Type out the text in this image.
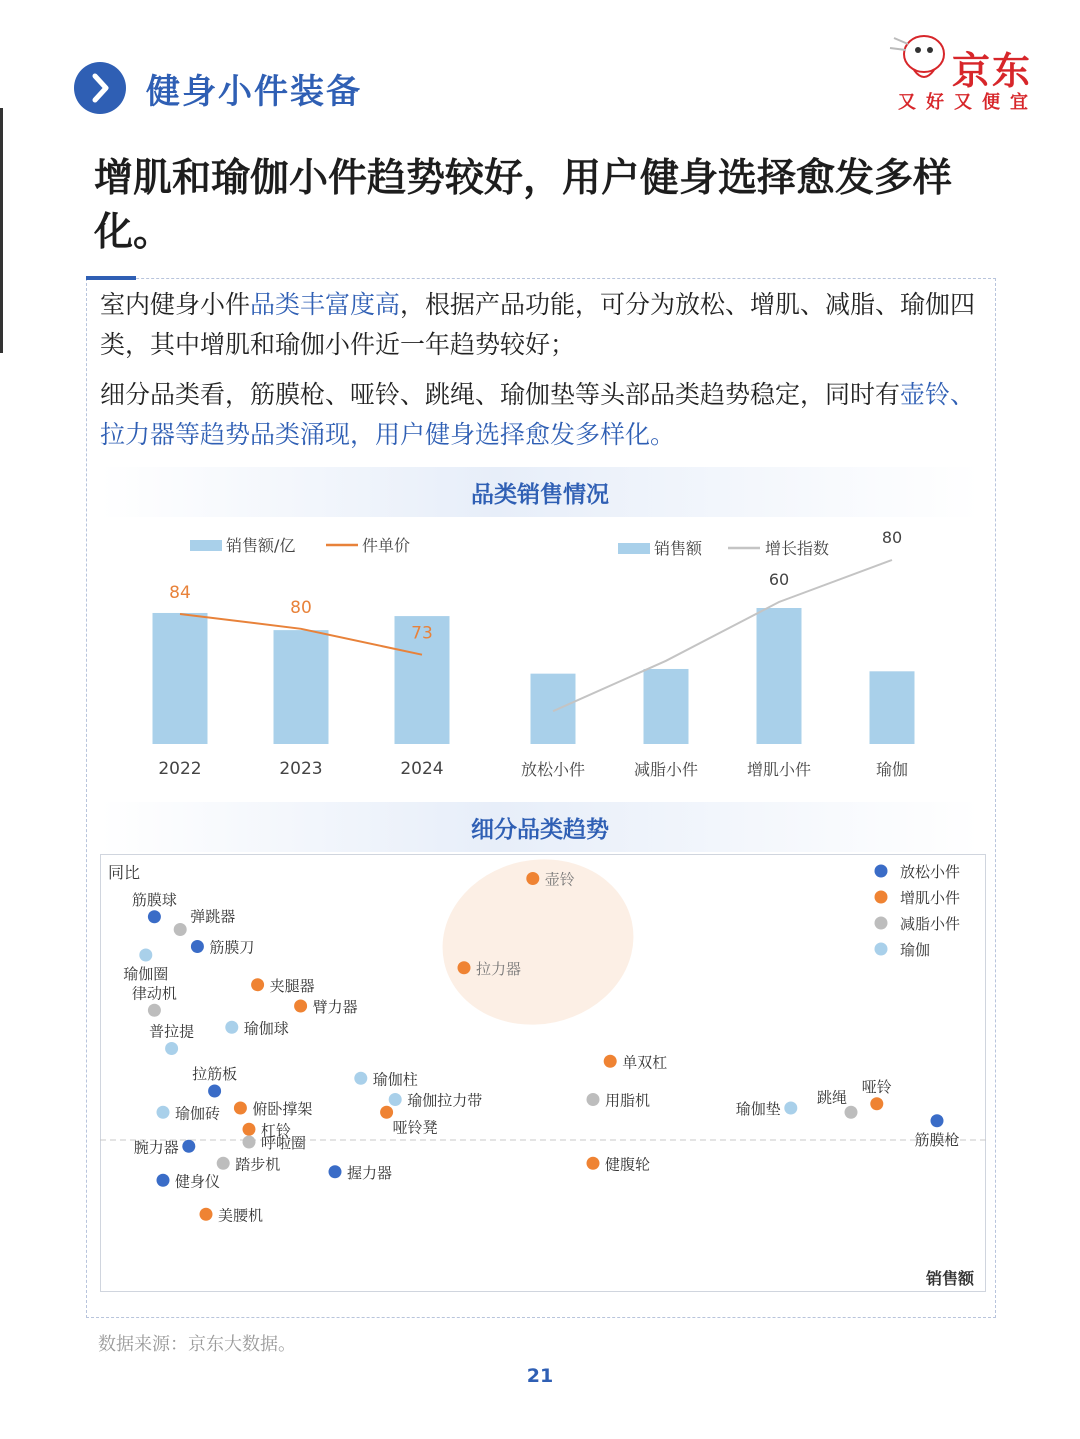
健身小件装备	京东
又好又便宜
增肌和瑜伽小件趋势较好，用户健身选择愈发多样化。

室内健身小件品类丰富度高，根据产品功能，可分为放松、增肌、减脂、瑜伽四类，其中增肌和瑜伽小件近一年趋势较好；

细分品类看，筋膜枪、哑铃、跳绳、瑜伽垫等头部品类趋势稳定，同时有壶铃、拉力器等趋势品类涌现，用户健身选择愈发多样化。

品类销售情况
销售额/亿	件单价
2022	2023	2024
84
80
73
销售额	增长指数
放松小件	减脂小件	增肌小件	瑜伽
60
80
细分品类趋势
同比
销售额
放松小件
增肌小件
减脂小件
瑜伽
壶铃
拉力器
筋膜球
弹跳器
筋膜刀
瑜伽圈
夹腿器
律动机
臂力器
瑜伽球
普拉提
单双杠
拉筋板	瑜伽柱
俯卧撑架	瑜伽拉力带	用脂机
瑜伽砖
哑铃凳
瑜伽垫
跳绳
哑铃
筋膜枪
杠铃
呼啦圈
腕力器
踏步机	握力器	健腹轮
健身仪
美腰机
数据来源：京东大数据。
21
